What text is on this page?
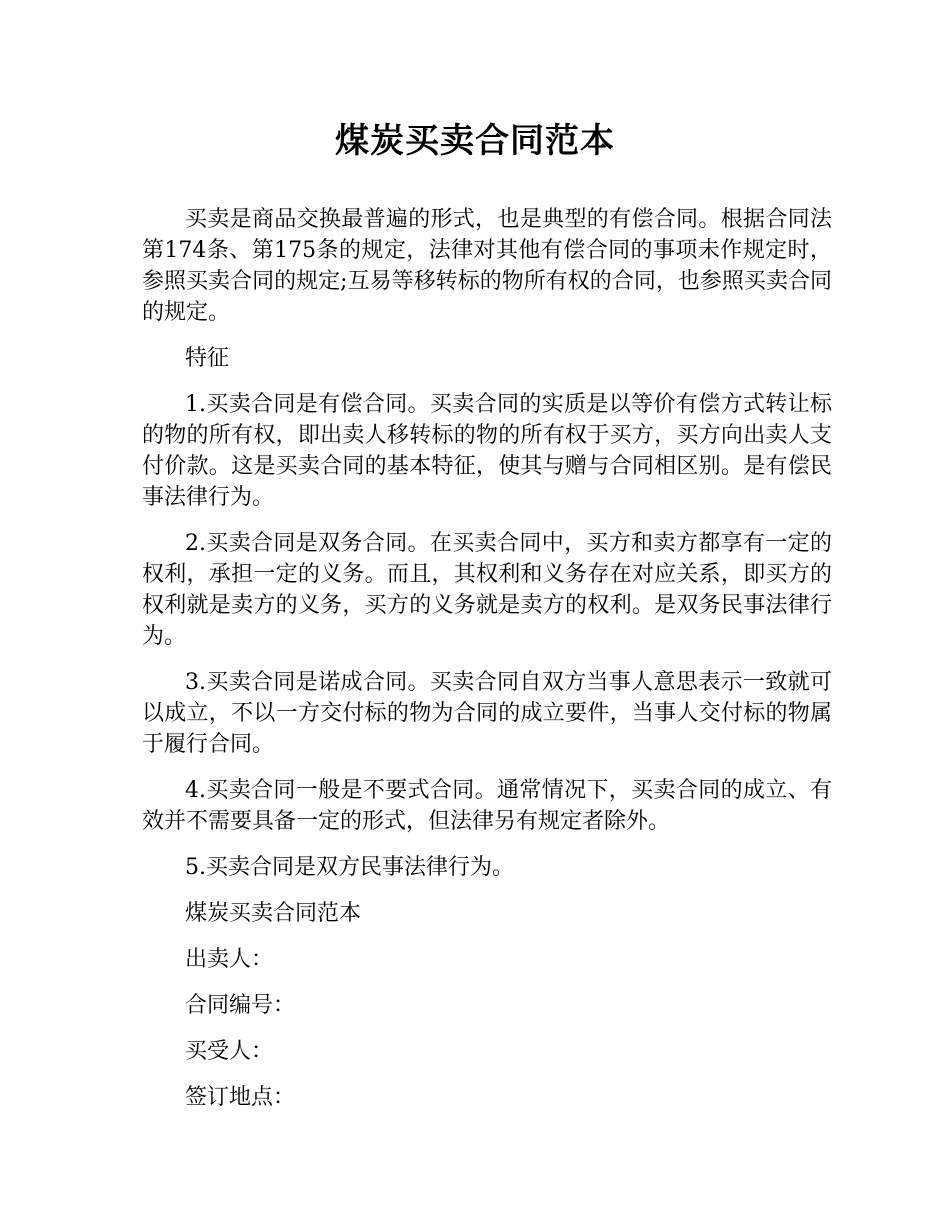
煤炭买卖合同范本

买卖是商品交换最普遍的形式，也是典型的有偿合同。根据合同法第174条、第175条的规定，法律对其他有偿合同的事项未作规定时，参照买卖合同的规定;互易等移转标的物所有权的合同，也参照买卖合同的规定。

特征

1.买卖合同是有偿合同。买卖合同的实质是以等价有偿方式转让标的物的所有权，即出卖人移转标的物的所有权于买方，买方向出卖人支付价款。这是买卖合同的基本特征，使其与赠与合同相区别。是有偿民事法律行为。

2.买卖合同是双务合同。在买卖合同中，买方和卖方都享有一定的权利，承担一定的义务。而且，其权利和义务存在对应关系，即买方的权利就是卖方的义务，买方的义务就是卖方的权利。是双务民事法律行为。

3.买卖合同是诺成合同。买卖合同自双方当事人意思表示一致就可以成立，不以一方交付标的物为合同的成立要件，当事人交付标的物属于履行合同。

4.买卖合同一般是不要式合同。通常情况下，买卖合同的成立、有效并不需要具备一定的形式，但法律另有规定者除外。

5.买卖合同是双方民事法律行为。

煤炭买卖合同范本

出卖人：

合同编号：

买受人：

签订地点：
